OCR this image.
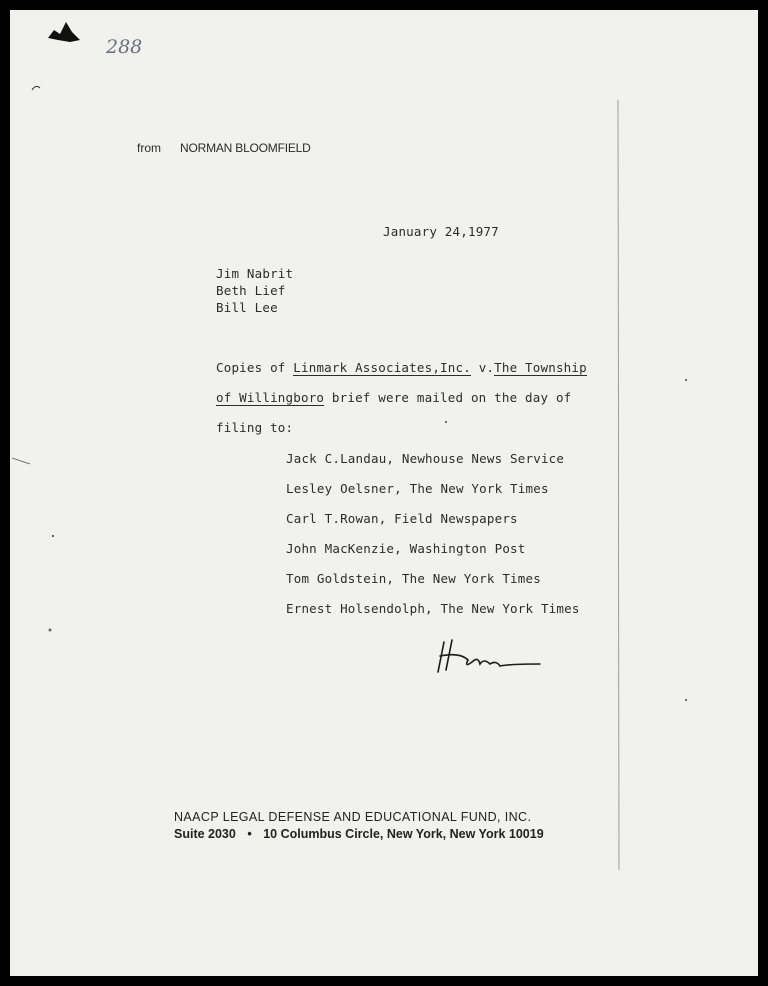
288
from NORMAN BLOOMFIELD
January 24,1977
Jim Nabrit
Beth Lief
Bill Lee
Copies of Linmark Associates,Inc. v.The Township
of Willingboro brief were mailed on the day of
filing to:
Jack C.Landau, Newhouse News Service
Lesley Oelsner, The New York Times
Carl T.Rowan, Field Newspapers
John MacKenzie, Washington Post
Tom Goldstein, The New York Times
Ernest Holsendolph, The New York Times
NAACP LEGAL DEFENSE AND EDUCATIONAL FUND, INC.
Suite 2030 • 10 Columbus Circle, New York, New York 10019
